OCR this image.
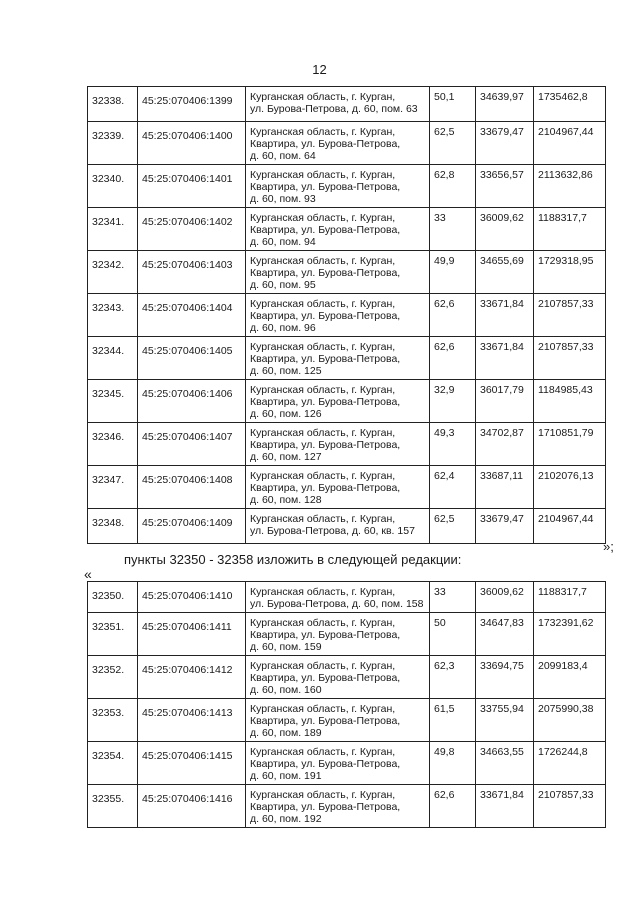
12
32338.	45:25:070406:1399	Курганская область, г. Курган,
ул. Бурова-Петрова, д. 60, пом. 63	50,1	34639,97	1735462,8
32339.	45:25:070406:1400	Курганская область, г. Курган,
Квартира, ул. Бурова-Петрова,
д. 60, пом. 64	62,5	33679,47	2104967,44
32340.	45:25:070406:1401	Курганская область, г. Курган,
Квартира, ул. Бурова-Петрова,
д. 60, пом. 93	62,8	33656,57	2113632,86
32341.	45:25:070406:1402	Курганская область, г. Курган,
Квартира, ул. Бурова-Петрова,
д. 60, пом. 94	33	36009,62	1188317,7
32342.	45:25:070406:1403	Курганская область, г. Курган,
Квартира, ул. Бурова-Петрова,
д. 60, пом. 95	49,9	34655,69	1729318,95
32343.	45:25:070406:1404	Курганская область, г. Курган,
Квартира, ул. Бурова-Петрова,
д. 60, пом. 96	62,6	33671,84	2107857,33
32344.	45:25:070406:1405	Курганская область, г. Курган,
Квартира, ул. Бурова-Петрова,
д. 60, пом. 125	62,6	33671,84	2107857,33
32345.	45:25:070406:1406	Курганская область, г. Курган,
Квартира, ул. Бурова-Петрова,
д. 60, пом. 126	32,9	36017,79	1184985,43
32346.	45:25:070406:1407	Курганская область, г. Курган,
Квартира, ул. Бурова-Петрова,
д. 60, пом. 127	49,3	34702,87	1710851,79
32347.	45:25:070406:1408	Курганская область, г. Курган,
Квартира, ул. Бурова-Петрова,
д. 60, пом. 128	62,4	33687,11	2102076,13
32348.	45:25:070406:1409	Курганская область, г. Курган,
ул. Бурова-Петрова, д. 60, кв. 157	62,5	33679,47	2104967,44
»;
пункты 32350 - 32358 изложить в следующей редакции:
«
32350.	45:25:070406:1410	Курганская область, г. Курган,
ул. Бурова-Петрова, д. 60, пом. 158	33	36009,62	1188317,7
32351.	45:25:070406:1411	Курганская область, г. Курган,
Квартира, ул. Бурова-Петрова,
д. 60, пом. 159	50	34647,83	1732391,62
32352.	45:25:070406:1412	Курганская область, г. Курган,
Квартира, ул. Бурова-Петрова,
д. 60, пом. 160	62,3	33694,75	2099183,4
32353.	45:25:070406:1413	Курганская область, г. Курган,
Квартира, ул. Бурова-Петрова,
д. 60, пом. 189	61,5	33755,94	2075990,38
32354.	45:25:070406:1415	Курганская область, г. Курган,
Квартира, ул. Бурова-Петрова,
д. 60, пом. 191	49,8	34663,55	1726244,8
32355.	45:25:070406:1416	Курганская область, г. Курган,
Квартира, ул. Бурова-Петрова,
д. 60, пом. 192	62,6	33671,84	2107857,33
